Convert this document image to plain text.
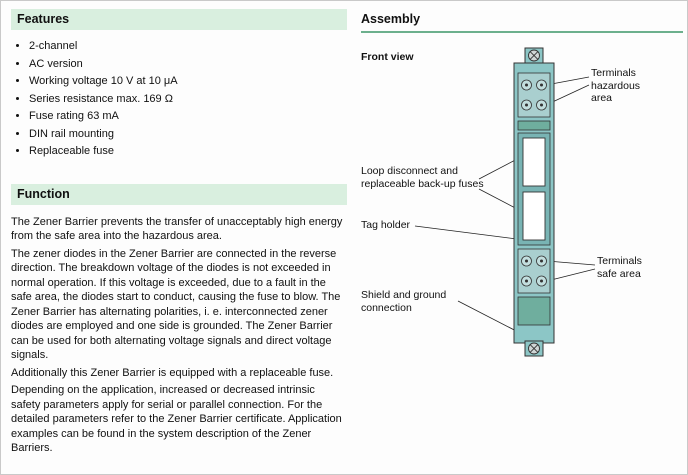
Features
• 2-channel
• AC version
• Working voltage 10 V at 10 μA
• Series resistance max. 169 Ω
• Fuse rating 63 mA
• DIN rail mounting
• Replaceable fuse
Function

The Zener Barrier prevents the transfer of unacceptably high energy from the safe area into the hazardous area.

The zener diodes in the Zener Barrier are connected in the reverse direction. The breakdown voltage of the diodes is not exceeded in normal operation. If this voltage is exceeded, due to a fault in the safe area, the diodes start to conduct, causing the fuse to blow. The Zener Barrier has alternating polarities, i. e. interconnected zener diodes are employed and one side is grounded. The Zener Barrier can be used for both alternating voltage signals and direct voltage signals.

Additionally this Zener Barrier is equipped with a replaceable fuse.

Depending on the application, increased or decreased intrinsic safety parameters apply for serial or parallel connection. For the detailed parameters refer to the Zener Barrier certificate. Application examples can be found in the system description of the Zener Barriers.

Assembly
Front view
Terminals hazardous area
Loop disconnect and replaceable back-up fuses
Tag holder
Terminals safe area
Shield and ground connection
